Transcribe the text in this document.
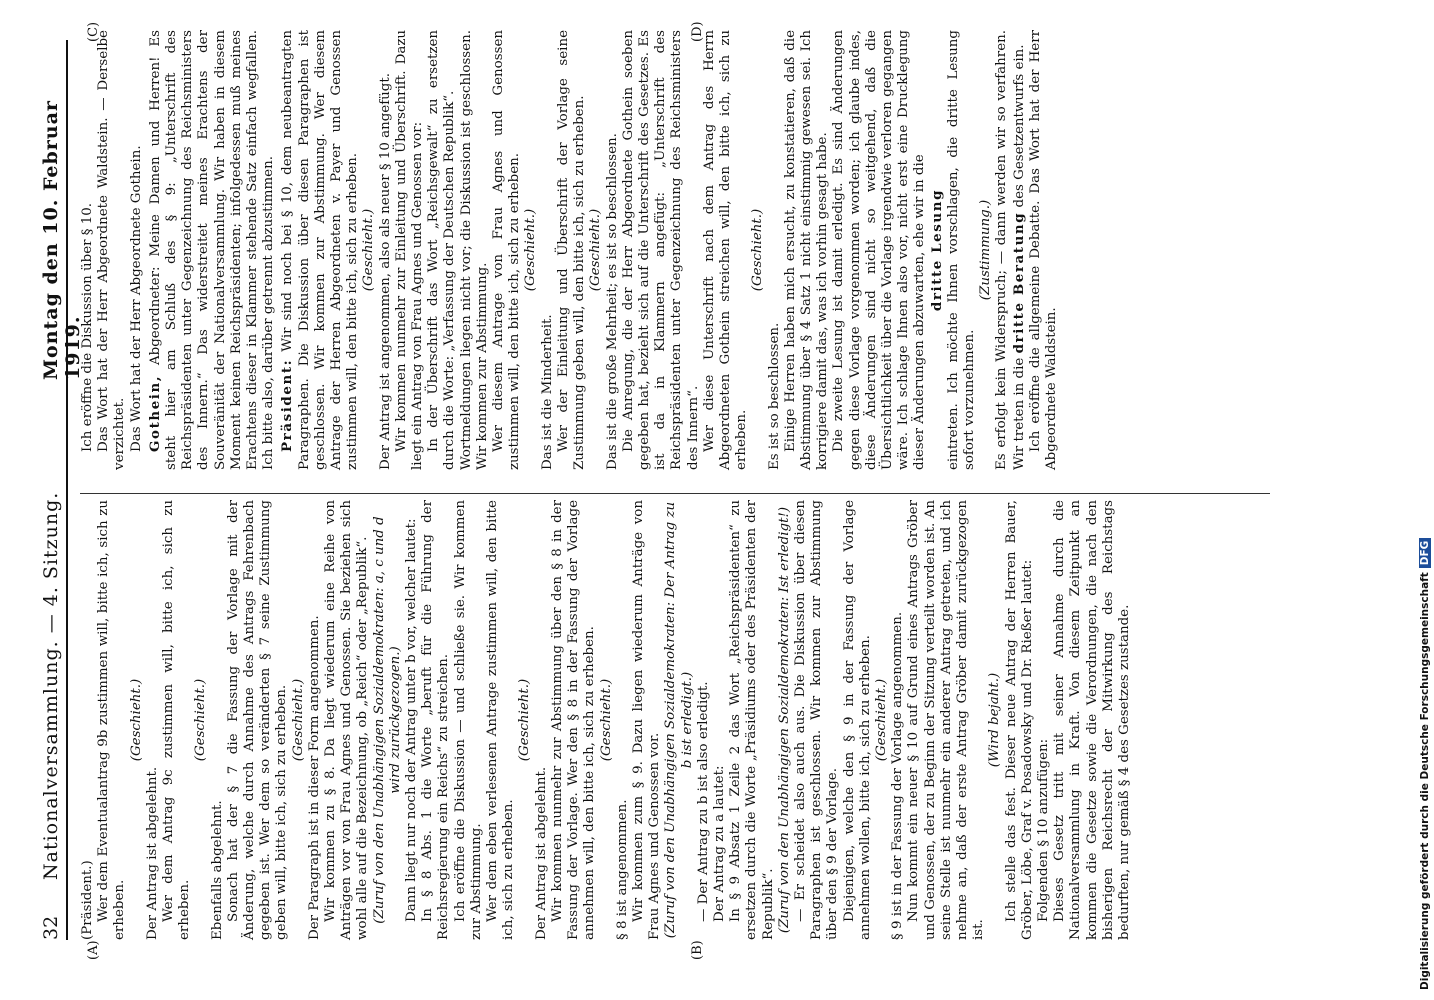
32
Nationalversammlung. — 4. Sitzung.
Montag den 10. Februar 1919.
(A)	(B)
(C)	(D)

(Präsident.) Wer dem Eventualantrag 9b zustimmen will, bitte ich, sich zu erheben.

(Geschieht.)

Der Antrag ist abgelehnt. Wer dem Antrag 9c zustimmen will, bitte ich, sich zu erheben.

(Geschieht.)

Ebenfalls abgelehnt. Sonach hat der § 7 die Fassung der Vorlage mit der Änderung, welche durch Annahme des Antrags Fehrenbach gegeben ist. Wer dem so veränderten § 7 seine Zustimmung geben will, bitte ich, sich zu erheben. (Geschieht.) Der Paragraph ist in dieser Form angenommen. Wir kommen zu § 8. Da liegt wiederum eine Reihe von Anträgen vor von Frau Agnes und Genossen. Sie beziehen sich wohl alle auf die Bezeichnung, ob „Reich“ oder „Republik“. (Zuruf von den Unabhängigen Sozialdemokraten: a, c und d wird zurückgezogen.) Dann liegt nur noch der Antrag unter b vor, welcher lautet: In § 8 Abs. 1 die Worte „beruft für die Führung der Reichsregierung ein Reichs“ zu streichen. Ich eröffne die Diskussion — und schließe sie. Wir kommen zur Abstimmung. Wer dem eben verlesenen Antrage zustimmen will, den bitte ich, sich zu erheben.

(Geschieht.)

Der Antrag ist abgelehnt. Wir kommen nunmehr zur Abstimmung über den § 8 in der Fassung der Vorlage. Wer den § 8 in der Fassung der Vorlage annehmen will, den bitte ich, sich zu erheben. (Geschieht.)

§ 8 ist angenommen. Wir kommen zum § 9. Dazu liegen wiederum Anträge von Frau Agnes und Genossen vor. (Zuruf von den Unabhängigen Sozialdemokraten: Der Antrag zu b ist erledigt.) — Der Antrag zu b ist also erledigt. Der Antrag zu a lautet: In § 9 Absatz 1 Zeile 2 das Wort „Reichspräsidenten“ zu ersetzen durch die Worte „Präsidiums oder des Präsidenten der Republik“. (Zuruf von den Unabhängigen Sozialdemokraten: Ist erledigt!) — Er scheidet also auch aus. Die Diskussion über diesen Paragraphen ist geschlossen. Wir kommen zur Abstimmung über den § 9 der Vorlage. Diejenigen, welche den § 9 in der Fassung der Vorlage annehmen wollen, bitte ich, sich zu erheben. (Geschieht.) § 9 ist in der Fassung der Vorlage angenommen. Nun kommt ein neuer § 10 auf Grund eines Antrags Gröber und Genossen, der zu Beginn der Sitzung verteilt worden ist. An seine Stelle ist nunmehr ein anderer Antrag getreten, und ich nehme an, daß der erste Antrag Gröber damit zurückgezogen ist.

(Wird bejaht.) Ich stelle das fest. Dieser neue Antrag der Herren Bauer, Gröber, Löbe, Graf v. Posadowsky und Dr. Rießer lautet: Folgenden § 10 anzufügen: Dieses Gesetz tritt mit seiner Annahme durch die Nationalversammlung in Kraft. Von diesem Zeitpunkt an kommen die Gesetze sowie die Verordnungen, die nach den bisherigen Reichsrecht der Mitwirkung des Reichstags bedurften, nur gemäß § 4 des Gesetzes zustande.

Ich eröffne die Diskussion über § 10. Das Wort hat der Herr Abgeordnete Waldstein. — Derselbe verzichtet. Das Wort hat der Herr Abgeordnete Gothein. Gothein, Abgeordneter: Meine Damen und Herren! Es steht hier am Schluß des § 9: „Unterschrift des Reichspräsidenten unter Gegenzeichnung des Reichsministers des Innern.“ Das widerstreitet meines Erachtens der Souveränität der Nationalversammlung. Wir haben in diesem Moment keinen Reichspräsidenten; infolgedessen muß meines Erachtens dieser in Klammer stehende Satz einfach wegfallen. Ich bitte also, darüber getrennt abzustimmen. Präsident: Wir sind noch bei § 10, dem neubeantragten Paragraphen. Die Diskussion über diesen Paragraphen ist geschlossen. Wir kommen zur Abstimmung. Wer diesem Antrage der Herren Abgeordneten v. Payer und Genossen zustimmen will, den bitte ich, sich zu erheben. (Geschieht.) Der Antrag ist angenommen, also als neuer § 10 angefügt. Wir kommen nunmehr zur Einleitung und Überschrift. Dazu liegt ein Antrag von Frau Agnes und Genossen vor: In der Überschrift das Wort „Reichsgewalt“ zu ersetzen durch die Worte: „Verfassung der Deutschen Republik“. Wortmeldungen liegen nicht vor; die Diskussion ist geschlossen. Wir kommen zur Abstimmung. Wer diesem Antrage von Frau Agnes und Genossen zustimmen will, den bitte ich, sich zu erheben. (Geschieht.)

Das ist die Minderheit. Wer der Einleitung und Überschrift der Vorlage seine Zustimmung geben will, den bitte ich, sich zu erheben. (Geschieht.) Das ist die große Mehrheit; es ist so beschlossen. Die Anregung, die der Herr Abgeordnete Gothein soeben gegeben hat, bezieht sich auf die Unterschrift des Gesetzes. Es ist da in Klammern angefügt: „Unterschrift des Reichspräsidenten unter Gegenzeichnung des Reichsministers des Innern“. Wer diese Unterschrift nach dem Antrag des Herrn Abgeordneten Gothein streichen will, den bitte ich, sich zu erheben.

(Geschieht.)

Es ist so beschlossen. Einige Herren haben mich ersucht, zu konstatieren, daß die Abstimmung über § 4 Satz 1 nicht einstimmig gewesen sei. Ich korrigiere damit das, was ich vorhin gesagt habe. Die zweite Lesung ist damit erledigt. Es sind Änderungen gegen diese Vorlage vorgenommen worden; ich glaube indes, diese Änderungen sind nicht so weitgehend, daß die Übersichtlichkeit über die Vorlage irgendwie verloren gegangen wäre. Ich schlage Ihnen also vor, nicht erst eine Drucklegung dieser Änderungen abzuwarten, ehe wir in die dritte Lesung eintreten. Ich möchte Ihnen vorschlagen, die dritte Lesung sofort vorzunehmen.

(Zustimmung.) Es erfolgt kein Widerspruch; — dann werden wir so verfahren. Wir treten in die dritte Beratung des Gesetzentwurfs ein. Ich eröffne die allgemeine Debatte. Das Wort hat der Herr Abgeordnete Waldstein.

Digitalisierung gefördert durch die Deutsche ForschungsgemeinschaftDFG
